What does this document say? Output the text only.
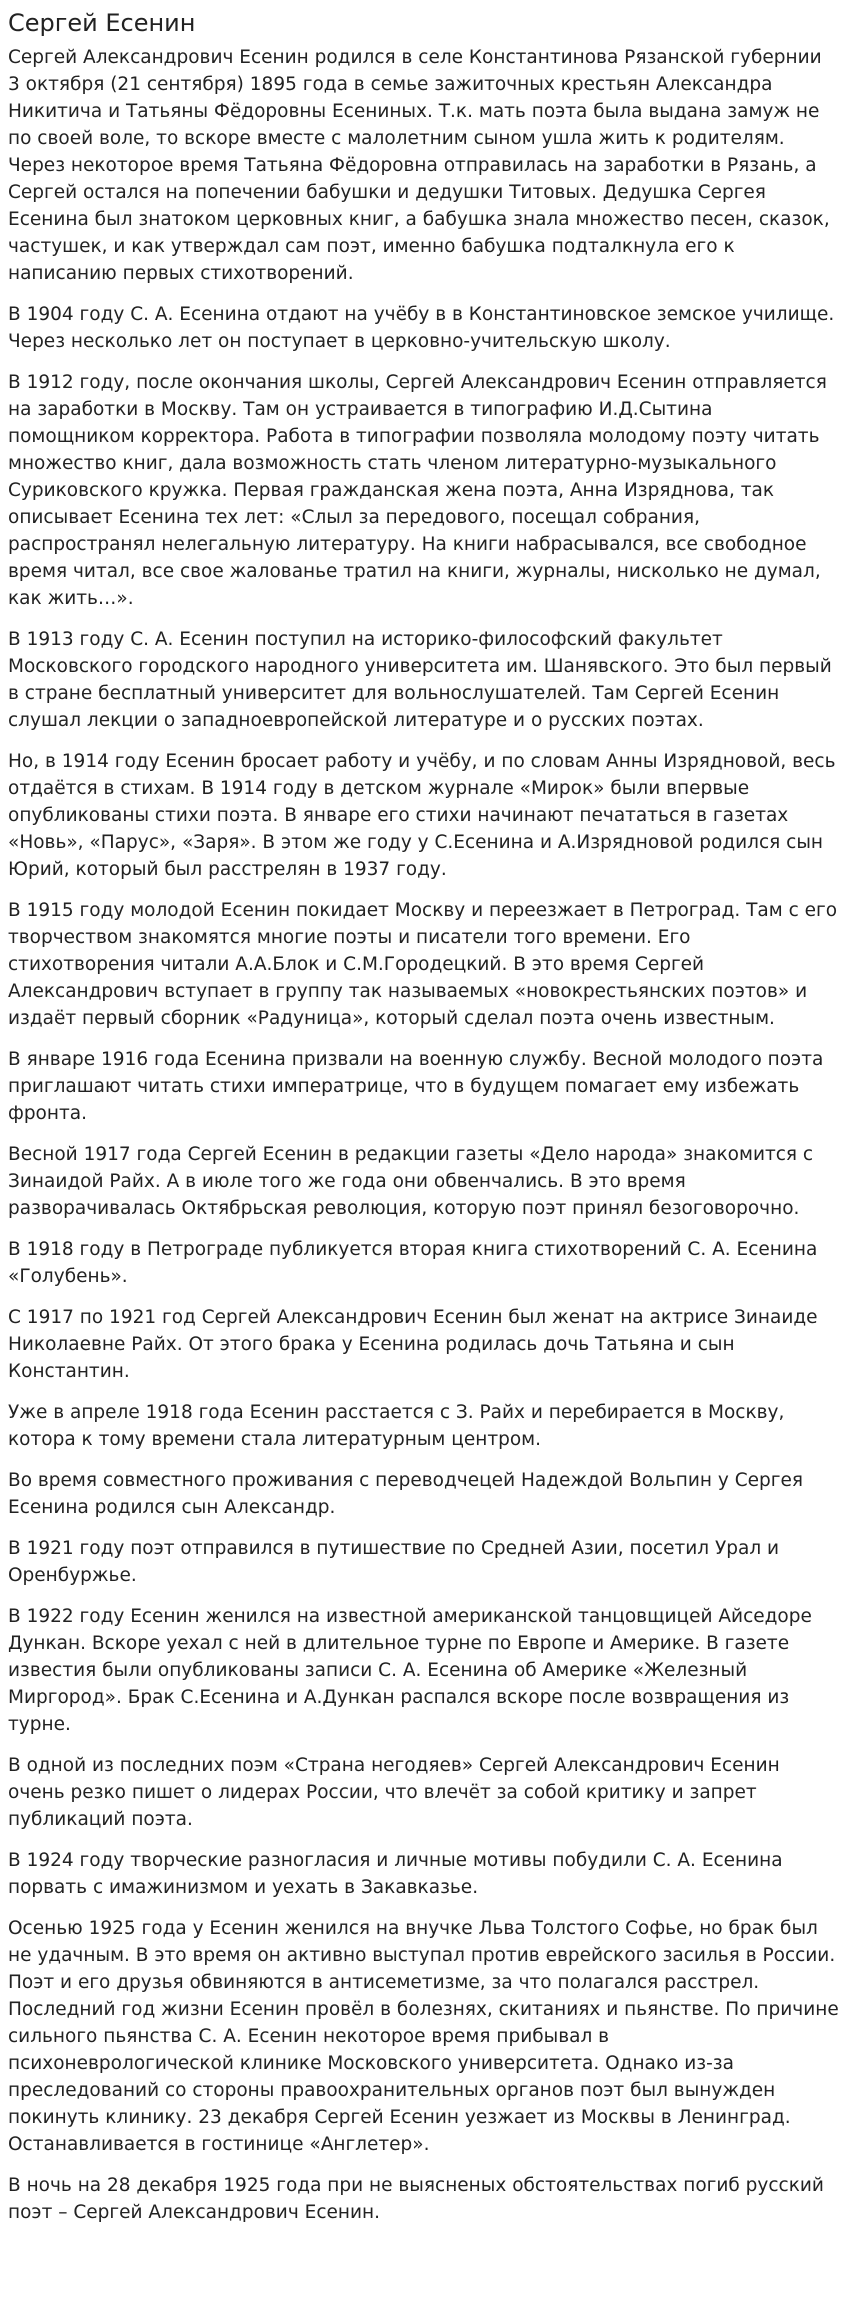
Сергей Есенин

Сергей Александрович Есенин родился в селе Константинова Рязанской губернии 3 октября (21 сентября) 1895 года в семье зажиточных крестьян Александра Никитича и Татьяны Фёдоровны Есениных. Т.к. мать поэта была выдана замуж не по своей воле, то вскоре вместе с малолетним сыном ушла жить к родителям. Через некоторое время Татьяна Фёдоровна отправилась на заработки в Рязань, а Сергей остался на попечении бабушки и дедушки Титовых. Дедушка Сергея Есенина был знатоком церковных книг, а бабушка знала множество песен, сказок, частушек, и как утверждал сам поэт, именно бабушка подталкнула его к написанию первых стихотворений.

В 1904 году С. А. Есенина отдают на учёбу в в Константиновское земское училище. Через несколько лет он поступает в церковно-учительскую школу.

В 1912 году, после окончания школы, Сергей Александрович Есенин отправляется на заработки в Москву. Там он устраивается в типографию И.Д.Сытина помощником корректора. Работа в типографии позволяла молодому поэту читать множество книг, дала возможность стать членом литературно-музыкального Суриковского кружка. Первая гражданская жена поэта, Анна Изряднова, так описывает Есенина тех лет: «Слыл за передового, посещал собрания, распространял нелегальную литературу. На книги набрасывался, все свободное время читал, все свое жалованье тратил на книги, журналы, нисколько не думал, как жить…».

В 1913 году С. А. Есенин поступил на историко-философский факультет Московского городского народного университета им. Шанявского. Это был первый в стране бесплатный университет для вольнослушателей. Там Сергей Есенин слушал лекции о западноевропейской литературе и о русских поэтах.

Но, в 1914 году Есенин бросает работу и учёбу, и по словам Анны Изрядновой, весь отдаётся в стихам. В 1914 году в детском журнале «Мирок» были впервые опубликованы стихи поэта. В январе его стихи начинают печататься в газетах «Новь», «Парус», «Заря». В этом же году у С.Есенина и А.Изрядновой родился сын Юрий, который был расстрелян в 1937 году.

В 1915 году молодой Есенин покидает Москву и переезжает в Петроград. Там с его творчеством знакомятся многие поэты и писатели того времени. Его стихотворения читали А.А.Блок и С.М.Городецкий. В это время Сергей Александрович вступает в группу так называемых «новокрестьянских поэтов» и издаёт первый сборник «Радуница», который сделал поэта очень известным.

В январе 1916 года Есенина призвали на военную службу. Весной молодого поэта приглашают читать стихи императрице, что в будущем помагает ему избежать фронта.

Весной 1917 года Сергей Есенин в редакции газеты «Дело народа» знакомится с Зинаидой Райх. А в июле того же года они обвенчались. В это время разворачивалась Октябрьская революция, которую поэт принял безоговорочно.

В 1918 году в Петрограде публикуется вторая книга стихотворений С. А. Есенина «Голубень».

С 1917 по 1921 год Сергей Александрович Есенин был женат на актрисе Зинаиде Николаевне Райх. От этого брака у Есенина родилась дочь Татьяна и сын Константин.

Уже в апреле 1918 года Есенин расстается с З. Райх и перебирается в Москву, котора к тому времени стала литературным центром.

Во время совместного проживания с переводчецей Надеждой Вольпин у Сергея Есенина родился сын Александр.

В 1921 году поэт отправился в путишествие по Средней Азии, посетил Урал и Оренбуржье.

В 1922 году Есенин женился на известной американской танцовщицей Айседоре Дункан. Вскоре уехал с ней в длительное турне по Европе и Америке. В газете известия были опубликованы записи С. А. Есенина об Америке «Железный Миргород». Брак С.Есенина и А.Дункан распался вскоре после возвращения из турне.

В одной из последних поэм «Страна негодяев» Сергей Александрович Есенин очень резко пишет о лидерах России, что влечёт за собой критику и запрет публикаций поэта.

В 1924 году творческие разногласия и личные мотивы побудили С. А. Есенина порвать с имажинизмом и уехать в Закавказье.

Осенью 1925 года у Есенин женился на внучке Льва Толстого Софье, но брак был не удачным. В это время он активно выступал против еврейского засилья в России. Поэт и его друзья обвиняются в антисеметизме, за что полагался расстрел. Последний год жизни Есенин провёл в болезнях, скитаниях и пьянстве. По причине сильного пьянства С. А. Есенин некоторое время прибывал в психоневрологической клинике Московского университета. Однако из-за преследований со стороны правоохранительных органов поэт был вынужден покинуть клинику. 23 декабря Сергей Есенин уезжает из Москвы в Ленинград. Останавливается в гостинице «Англетер».

В ночь на 28 декабря 1925 года при не выясненых обстоятельствах погиб русский поэт – Сергей Александрович Есенин.
